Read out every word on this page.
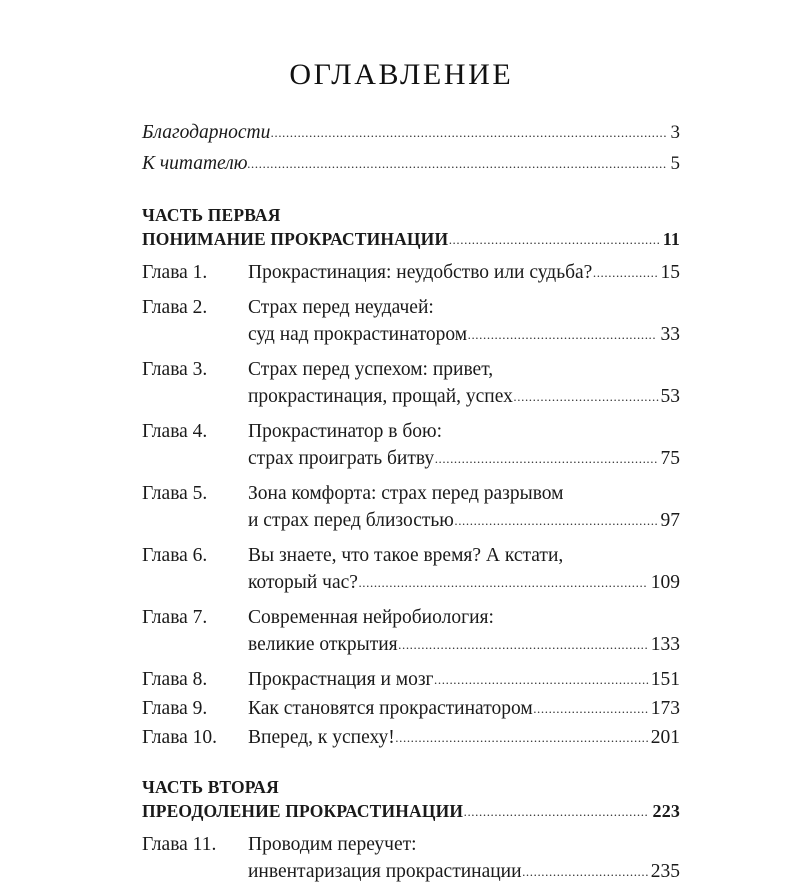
ОГЛАВЛЕНИЕ
Благодарности ....................................................................................................... 3
К читателю ............................................................................................................. 5
ЧАСТЬ ПЕРВАЯ
ПОНИМАНИЕ ПРОКРАСТИНАЦИИ ....................................................... 11
Глава 1.	Прокрастинация: неудобство или судьба? ................. 15
Глава 2.	Страх перед неудачей:
суд над прокрастинатором ................................................. 33
Глава 3.	Страх перед успехом: привет,
прокрастинация, прощай, успех ...................................... 53
Глава 4.	Прокрастинатор в бою:
страх проиграть битву .......................................................... 75
Глава 5.	Зона комфорта: страх перед разрывом
и страх перед близостью ..................................................... 97
Глава 6.	Вы знаете, что такое время? А кстати,
который час? ........................................................................... 109
Глава 7.	Современная нейробиология:
великие открытия ................................................................. 133
Глава 8.	Прокрастнация и мозг ........................................................ 151
Глава 9.	Как становятся прокрастинатором .............................. 173
Глава 10.	Вперед, к успеху! .................................................................. 201
ЧАСТЬ ВТОРАЯ
ПРЕОДОЛЕНИЕ ПРОКРАСТИНАЦИИ ................................................ 223
Глава 11.	Проводим переучет:
инвентаризация прокрастинации ................................. 235
